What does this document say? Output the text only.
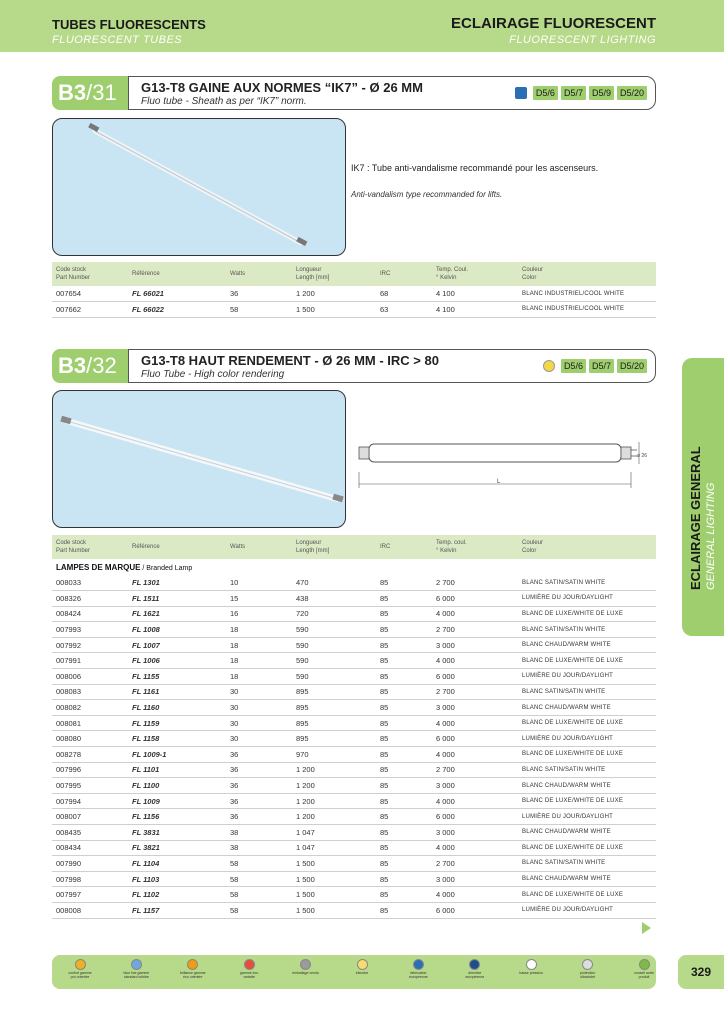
TUBES FLUORESCENTS
FLUORESCENT TUBES
ECLAIRAGE FLUORESCENT
FLUORESCENT LIGHTING
B3/31	G13-T8 GAINE AUX NORMES “IK7” - Ø 26 MM
Fluo tube - Sheath as per “IK7” norm.
D5/6	D5/7	D5/9	D5/20
IK7 : Tube anti-vandalisme recommandé pour les ascenseurs.
Anti-vandalism type recommanded for lifts.
Code stock
Part Number	Référence	Watts	Longueur
Length [mm]	IRC	Temp. Coul.
° Kelvin	Couleur
Color
007654	FL 66021	36	1 200	68	4 100	BLANC INDUSTRIEL/COOL WHITE
007662	FL 66022	58	1 500	63	4 100	BLANC INDUSTRIEL/COOL WHITE
B3/32	G13-T8 HAUT RENDEMENT - Ø 26 MM - IRC > 80
Fluo Tube - High color rendering
D5/6	D5/7	D5/20
L
ø 26
Code stock
Part Number	Référence	Watts	Longueur
Length [mm]	IRC	Temp. coul.
° Kelvin	Couleur
Color
LAMPES DE MARQUE / Branded Lamp						
008033	FL 1301	10	470	85	2 700	BLANC SATIN/SATIN WHITE
008326	FL 1511	15	438	85	6 000	LUMIÈRE DU JOUR/DAYLIGHT
008424	FL 1621	16	720	85	4 000	BLANC DE LUXE/WHITE DE LUXE
007993	FL 1008	18	590	85	2 700	BLANC SATIN/SATIN WHITE
007992	FL 1007	18	590	85	3 000	BLANC CHAUD/WARM WHITE
007991	FL 1006	18	590	85	4 000	BLANC DE LUXE/WHITE DE LUXE
008006	FL 1155	18	590	85	6 000	LUMIÈRE DU JOUR/DAYLIGHT
008083	FL 1161	30	895	85	2 700	BLANC SATIN/SATIN WHITE
008082	FL 1160	30	895	85	3 000	BLANC CHAUD/WARM WHITE
008081	FL 1159	30	895	85	4 000	BLANC DE LUXE/WHITE DE LUXE
008080	FL 1158	30	895	85	6 000	LUMIÈRE DU JOUR/DAYLIGHT
008278	FL 1009-1	36	970	85	4 000	BLANC DE LUXE/WHITE DE LUXE
007996	FL 1101	36	1 200	85	2 700	BLANC SATIN/SATIN WHITE
007995	FL 1100	36	1 200	85	3 000	BLANC CHAUD/WARM WHITE
007994	FL 1009	36	1 200	85	4 000	BLANC DE LUXE/WHITE DE LUXE
008007	FL 1156	36	1 200	85	6 000	LUMIÈRE DU JOUR/DAYLIGHT
008435	FL 3831	38	1 047	85	3 000	BLANC CHAUD/WARM WHITE
008434	FL 3821	38	1 047	85	4 000	BLANC DE LUXE/WHITE DE LUXE
007990	FL 1104	58	1 500	85	2 700	BLANC SATIN/SATIN WHITE
007998	FL 1103	58	1 500	85	3 000	BLANC CHAUD/WARM WHITE
007997	FL 1102	58	1 500	85	4 000	BLANC DE LUXE/WHITE DE LUXE
008008	FL 1157	58	1 500	85	6 000	LUMIÈRE DU JOUR/DAYLIGHT
ECLAIRAGE GENERAL GENERAL LIGHTING
confort gamme pro orientée
blue line gamme standard criblée
brillance gamme éco orientée
gamme éco vedette
emballage vendu	étanche	fabrication européenne
directive européenne
basse pression	protection ultraviolet
conseil autre produit	329
